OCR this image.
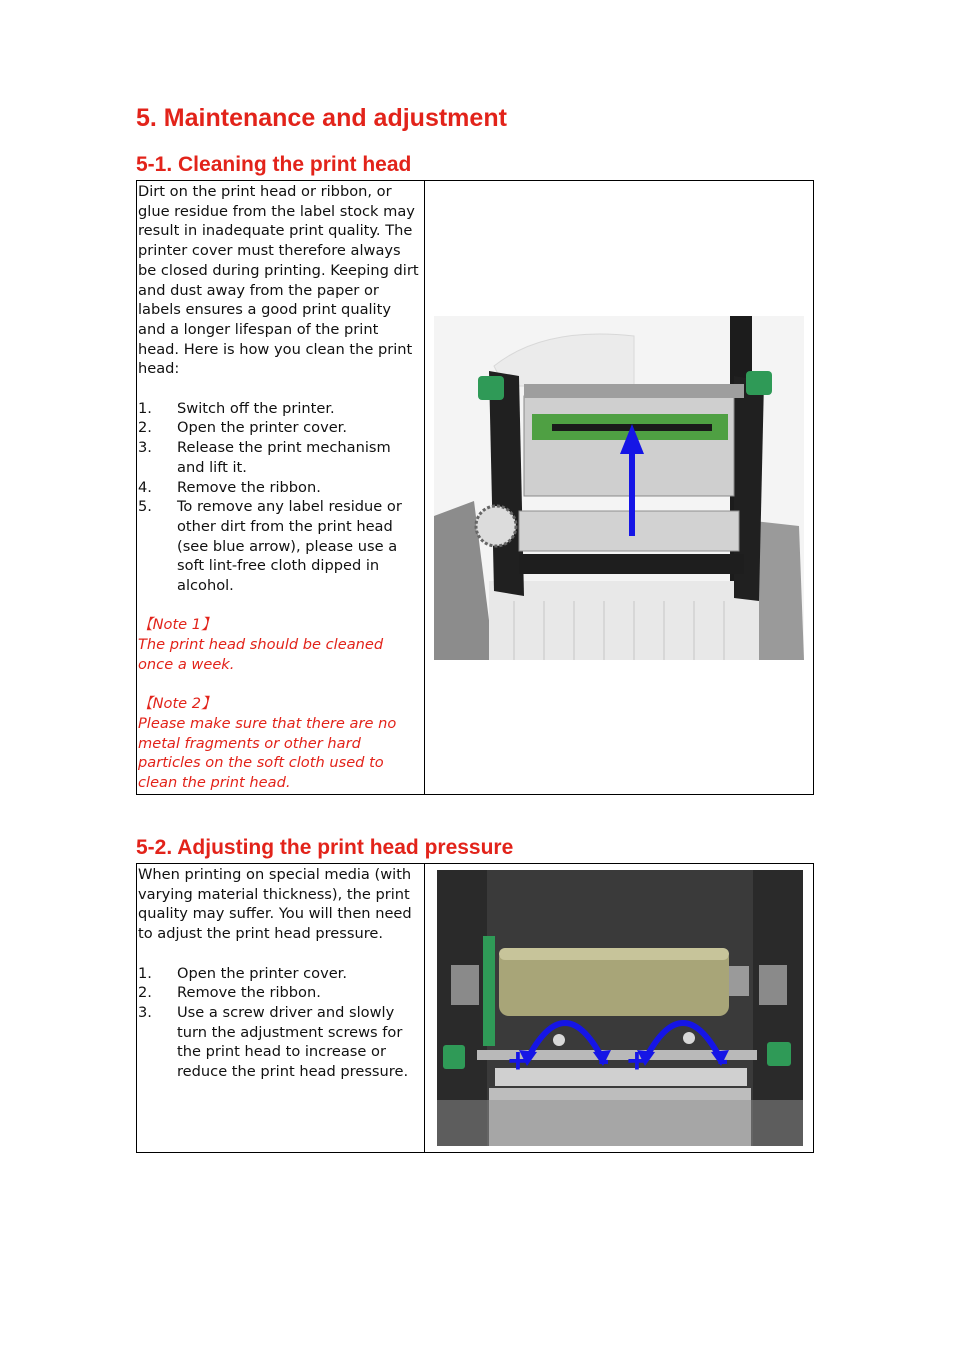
5. Maintenance and adjustment
5-1. Cleaning the print head

Dirt on the print head or ribbon, or glue residue from the label stock may result in inadequate print quality. The printer cover must therefore always be closed during printing. Keeping dirt and dust away from the paper or labels ensures a good print quality and a longer lifespan of the print head. Here is how you clean the print head:

1. Switch off the printer.
2. Open the printer cover.
3. Release the print mechanism and lift it.
4. Remove the ribbon.
5. To remove any label residue or other dirt from the print head (see blue arrow), please use a soft lint-free cloth dipped in alcohol.

【Note 1】

The print head should be cleaned once a week.

【Note 2】

Please make sure that there are no metal fragments or other hard particles on the soft cloth used to clean the print head.

5-2. Adjusting the print head pressure

When printing on special media (with varying material thickness), the print quality may suffer. You will then need to adjust the print head pressure.

1. Open the printer cover.
2. Remove the ribbon.
3. Use a screw driver and slowly turn the adjustment screws for the print head to increase or reduce the print head pressure.	+ - + -
